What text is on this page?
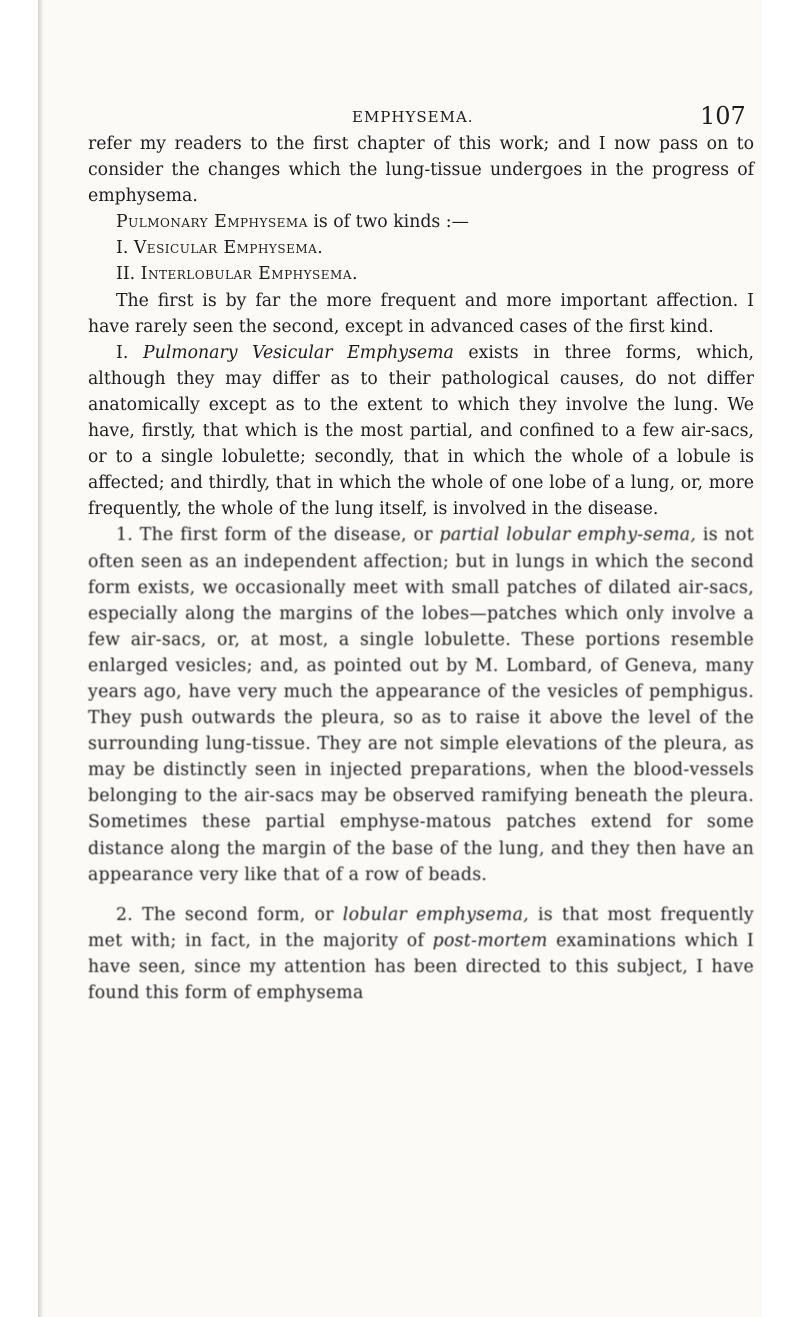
EMPHYSEMA.	107

refer my readers to the first chapter of this work; and I now pass on to consider the changes which the lung-tissue undergoes in the progress of emphysema.

Pulmonary Emphysema is of two kinds :—

I. Vesicular Emphysema.

II. Interlobular Emphysema.

The first is by far the more frequent and more important affection. I have rarely seen the second, except in advanced cases of the first kind.

I. Pulmonary Vesicular Emphysema exists in three forms, which, although they may differ as to their pathological causes, do not differ anatomically except as to the extent to which they involve the lung. We have, firstly, that which is the most partial, and confined to a few air-sacs, or to a single lobulette; secondly, that in which the whole of a lobule is affected; and thirdly, that in which the whole of one lobe of a lung, or, more frequently, the whole of the lung itself, is involved in the disease.

1. The first form of the disease, or partial lobular emphy-sema, is not often seen as an independent affection; but in lungs in which the second form exists, we occasionally meet with small patches of dilated air-sacs, especially along the margins of the lobes—patches which only involve a few air-sacs, or, at most, a single lobulette. These portions resemble enlarged vesicles; and, as pointed out by M. Lombard, of Geneva, many years ago, have very much the appearance of the vesicles of pemphigus. They push outwards the pleura, so as to raise it above the level of the surrounding lung-tissue. They are not simple elevations of the pleura, as may be distinctly seen in injected preparations, when the blood-vessels belonging to the air-sacs may be observed ramifying beneath the pleura. Sometimes these partial emphyse-matous patches extend for some distance along the margin of the base of the lung, and they then have an appearance very like that of a row of beads.

2. The second form, or lobular emphysema, is that most frequently met with; in fact, in the majority of post-mortem examinations which I have seen, since my attention has been directed to this subject, I have found this form of emphysema
